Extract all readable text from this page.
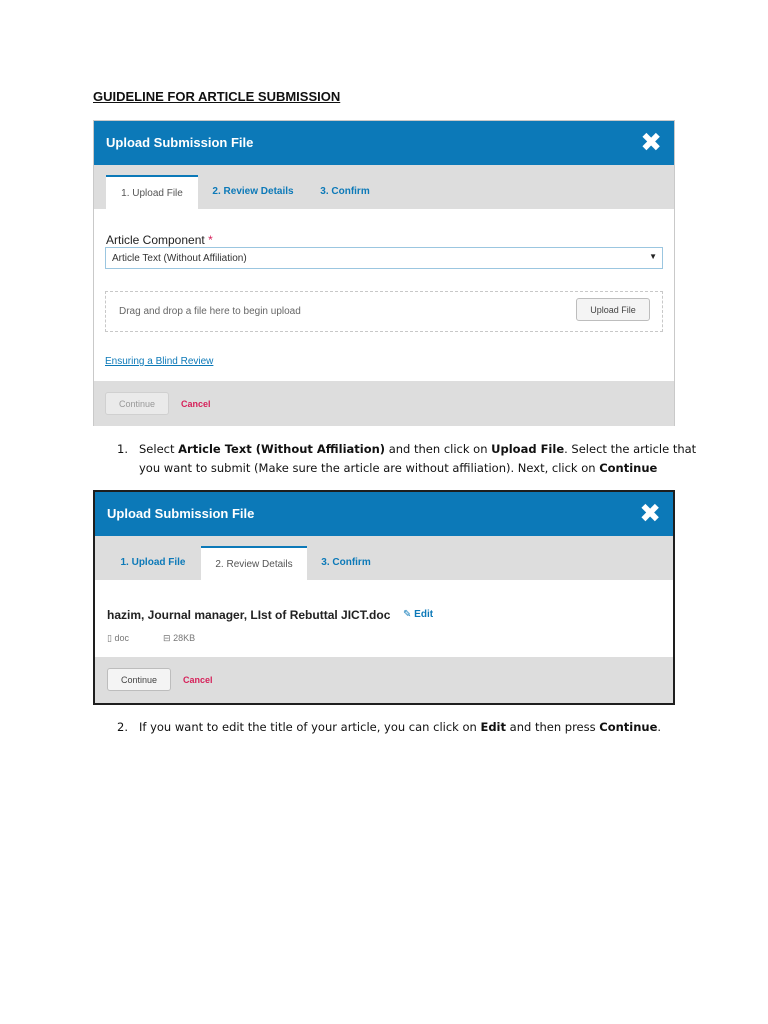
GUIDELINE FOR ARTICLE SUBMISSION
Upload Submission File	✖
1. Upload File	2. Review Details	3. Confirm
Article Component *
Article Text (Without Affiliation)	▼
Drag and drop a file here to begin upload	Upload File
Ensuring a Blind Review
Continue	Cancel
1. Select Article Text (Without Affiliation) and then click on Upload File. Select the article that
you want to submit (Make sure the article are without affiliation). Next, click on Continue
Upload Submission File	✖
1. Upload File	2. Review Details	3. Confirm
hazim, Journal manager, LIst of Rebuttal JICT.doc ✎ Edit
▯ doc	⊟ 28KB
Continue	Cancel
2. If you want to edit the title of your article, you can click on Edit and then press Continue.
